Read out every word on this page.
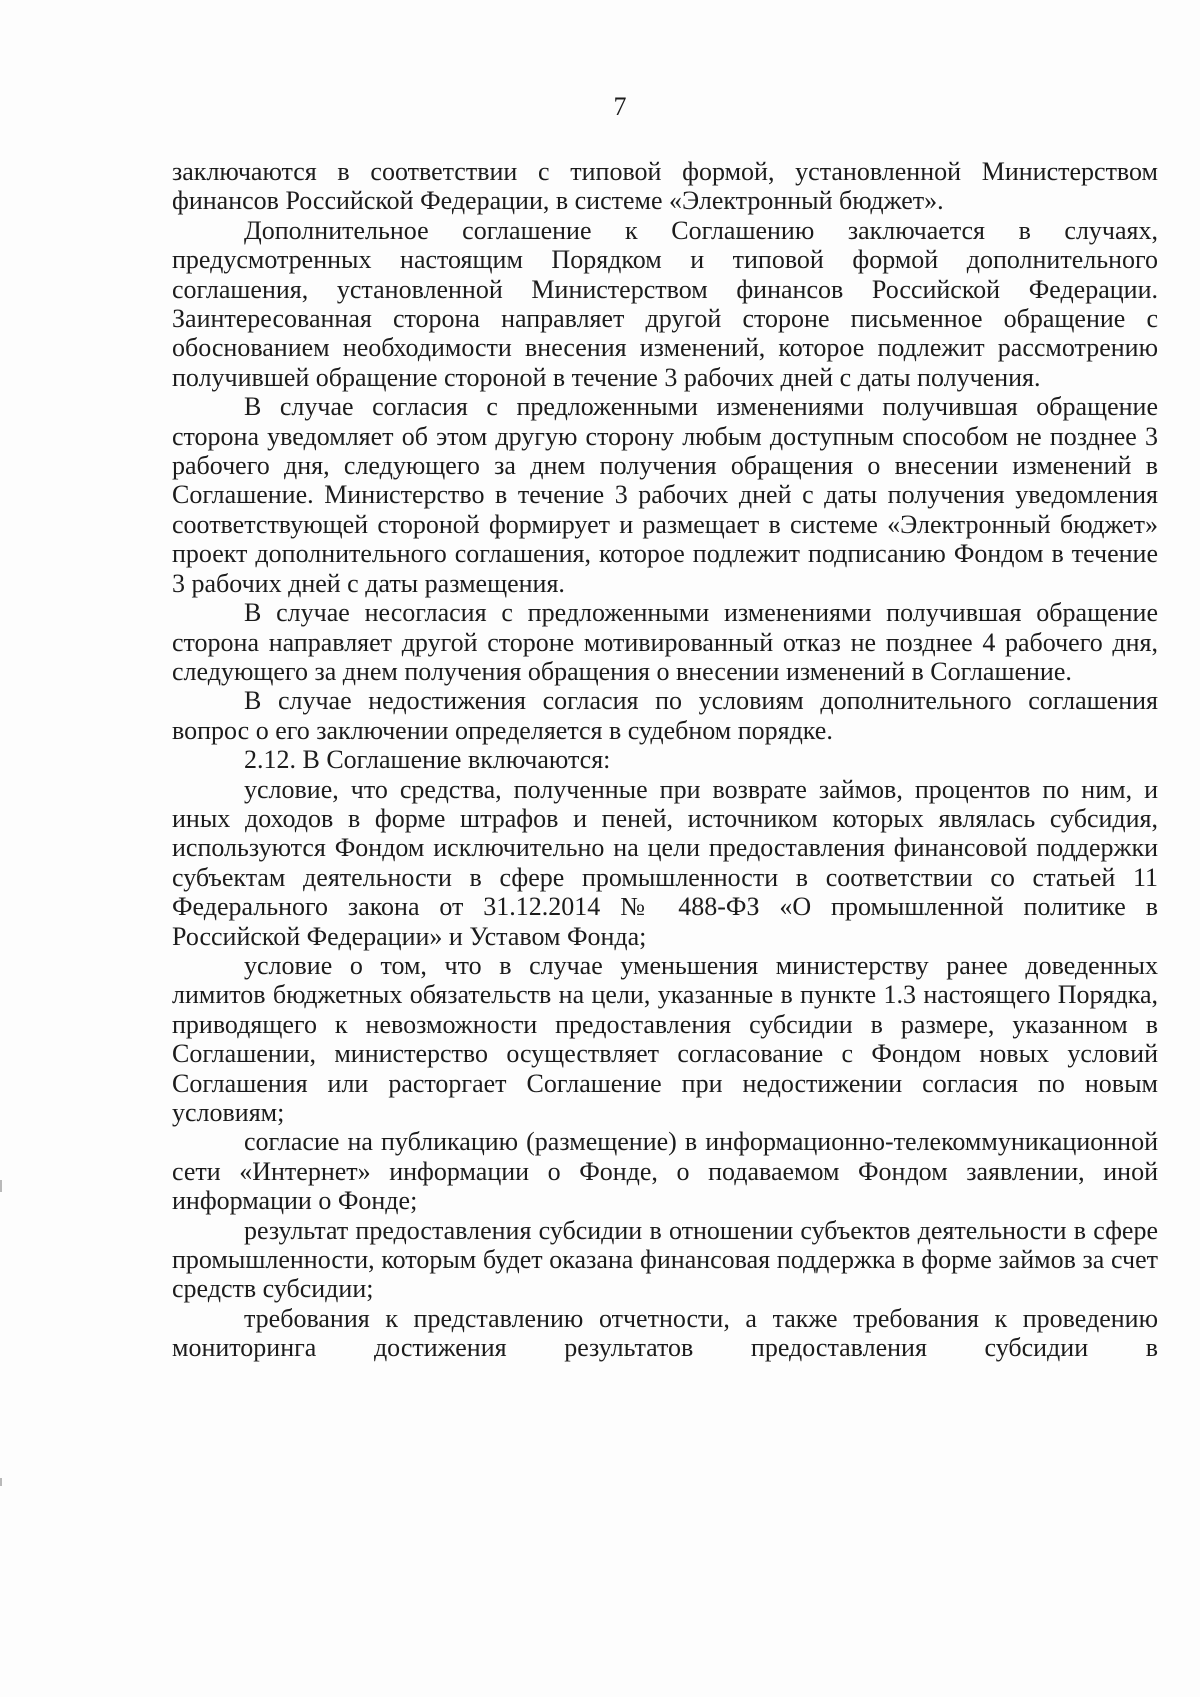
7

заключаются в соответствии с типовой формой, установленной Министерством финансов Российской Федерации, в системе «Электронный бюджет».

Дополнительное соглашение к Соглашению заключается в случаях, предусмотренных настоящим Порядком и типовой формой дополнительного соглашения, установленной Министерством финансов Российской Федерации. Заинтересованная сторона направляет другой стороне письменное обращение с обоснованием необходимости внесения изменений, которое подлежит рассмотрению получившей обращение стороной в течение 3 рабочих дней с даты получения.

В случае согласия с предложенными изменениями получившая обращение сторона уведомляет об этом другую сторону любым доступным способом не позднее 3 рабочего дня, следующего за днем получения обращения о внесении изменений в Соглашение. Министерство в течение 3 рабочих дней с даты получения уведомления соответствующей стороной формирует и размещает в системе «Электронный бюджет» проект дополнительного соглашения, которое подлежит подписанию Фондом в течение 3 рабочих дней с даты размещения.

В случае несогласия с предложенными изменениями получившая обращение сторона направляет другой стороне мотивированный отказ не позднее 4 рабочего дня, следующего за днем получения обращения о внесении изменений в Соглашение.

В случае недостижения согласия по условиям дополнительного соглашения вопрос о его заключении определяется в судебном порядке.

2.12. В Соглашение включаются:

условие, что средства, полученные при возврате займов, процентов по ним, и иных доходов в форме штрафов и пеней, источником которых являлась субсидия, используются Фондом исключительно на цели предоставления финансовой поддержки субъектам деятельности в сфере промышленности в соответствии со статьей 11 Федерального закона от 31.12.2014 № 488-ФЗ «О промышленной политике в Российской Федерации» и Уставом Фонда;

условие о том, что в случае уменьшения министерству ранее доведенных лимитов бюджетных обязательств на цели, указанные в пункте 1.3 настоящего Порядка, приводящего к невозможности предоставления субсидии в размере, указанном в Соглашении, министерство осуществляет согласование с Фондом новых условий Соглашения или расторгает Соглашение при недостижении согласия по новым условиям;

согласие на публикацию (размещение) в информационно-телекоммуникационной сети «Интернет» информации о Фонде, о подаваемом Фондом заявлении, иной информации о Фонде;

результат предоставления субсидии в отношении субъектов деятельности в сфере промышленности, которым будет оказана финансовая поддержка в форме займов за счет средств субсидии;

требования к представлению отчетности, а также требования к проведению мониторинга достижения результатов предоставления субсидии в
